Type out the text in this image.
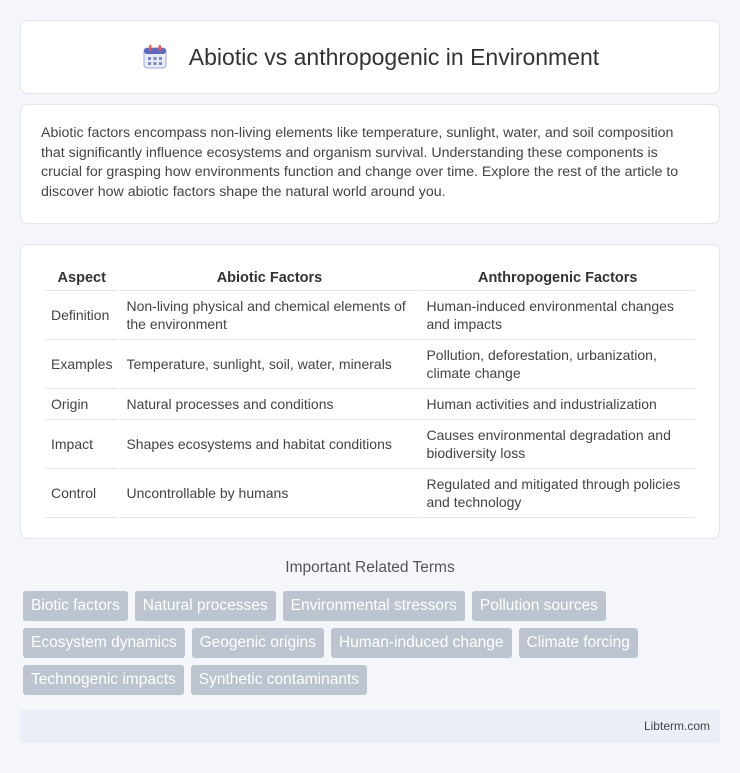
Abiotic vs anthropogenic in Environment

Abiotic factors encompass non-living elements like temperature, sunlight, water, and soil composition that significantly influence ecosystems and organism survival. Understanding these components is crucial for grasping how environments function and change over time. Explore the rest of the article to discover how abiotic factors shape the natural world around you.

Aspect	Abiotic Factors	Anthropogenic Factors
Definition	Non-living physical and chemical elements of the environment	Human-induced environmental changes and impacts
Examples	Temperature, sunlight, soil, water, minerals	Pollution, deforestation, urbanization, climate change
Origin	Natural processes and conditions	Human activities and industrialization
Impact	Shapes ecosystems and habitat conditions	Causes environmental degradation and biodiversity loss
Control	Uncontrollable by humans	Regulated and mitigated through policies and technology
Important Related Terms
Biotic factors	Natural processes	Environmental stressors	Pollution sources
Ecosystem dynamics	Geogenic origins	Human-induced change	Climate forcing
Technogenic impacts	Synthetic contaminants
Libterm.com
